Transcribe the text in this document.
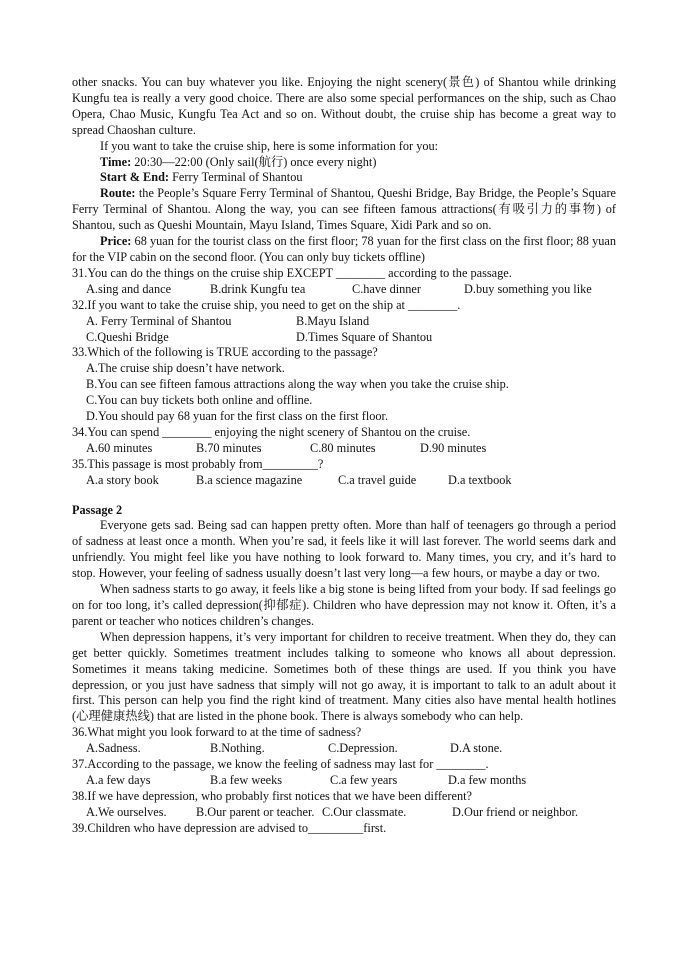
other snacks. You can buy whatever you like. Enjoying the night scenery(景色) of Shantou while drinking Kungfu tea is really a very good choice. There are also some special performances on the ship, such as Chao Opera, Chao Music, Kungfu Tea Act and so on. Without doubt, the cruise ship has become a great way to spread Chaoshan culture.

If you want to take the cruise ship, here is some information for you:

Time: 20:30—22:00 (Only sail(航行) once every night)

Start & End: Ferry Terminal of Shantou

Route: the People’s Square Ferry Terminal of Shantou, Queshi Bridge, Bay Bridge, the People’s Square Ferry Terminal of Shantou. Along the way, you can see fifteen famous attractions(有吸引力的事物) of Shantou, such as Queshi Mountain, Mayu Island, Times Square, Xidi Park and so on.

Price: 68 yuan for the tourist class on the first floor; 78 yuan for the first class on the first floor; 88 yuan for the VIP cabin on the second floor. (You can only buy tickets offline)

31.You can do the things on the cruise ship EXCEPT ________ according to the passage.

A.sing and dance	B.drink Kungfu tea	C.have dinner	D.buy something you like

32.If you want to take the cruise ship, you need to get on the ship at ________.

A. Ferry Terminal of Shantou	B.Mayu Island
C.Queshi Bridge	D.Times Square of Shantou

33.Which of the following is TRUE according to the passage?

A.The cruise ship doesn’t have network.
B.You can see fifteen famous attractions along the way when you take the cruise ship.
C.You can buy tickets both online and offline.
D.You should pay 68 yuan for the first class on the first floor.

34.You can spend ________ enjoying the night scenery of Shantou on the cruise.

A.60 minutes	B.70 minutes	C.80 minutes	D.90 minutes

35.This passage is most probably from_________?

A.a story book	B.a science magazine	C.a travel guide	D.a textbook

Passage 2

Everyone gets sad. Being sad can happen pretty often. More than half of teenagers go through a period of sadness at least once a month. When you’re sad, it feels like it will last forever. The world seems dark and unfriendly. You might feel like you have nothing to look forward to. Many times, you cry, and it’s hard to stop. However, your feeling of sadness usually doesn’t last very long—a few hours, or maybe a day or two.

When sadness starts to go away, it feels like a big stone is being lifted from your body. If sad feelings go on for too long, it’s called depression(抑郁症). Children who have depression may not know it. Often, it’s a parent or teacher who notices children’s changes.

When depression happens, it’s very important for children to receive treatment. When they do, they can get better quickly. Sometimes treatment includes talking to someone who knows all about depression. Sometimes it means taking medicine. Sometimes both of these things are used. If you think you have depression, or you just have sadness that simply will not go away, it is important to talk to an adult about it first. This person can help you find the right kind of treatment. Many cities also have mental health hotlines (心理健康热线) that are listed in the phone book. There is always somebody who can help.

36.What might you look forward to at the time of sadness?

A.Sadness.	B.Nothing.	C.Depression.	D.A stone.

37.According to the passage, we know the feeling of sadness may last for ________.

A.a few days	B.a few weeks	C.a few years	D.a few months

38.If we have depression, who probably first notices that we have been different?

A.We ourselves.	B.Our parent or teacher. C.Our classmate.	D.Our friend or neighbor.

39.Children who have depression are advised to_________first.
